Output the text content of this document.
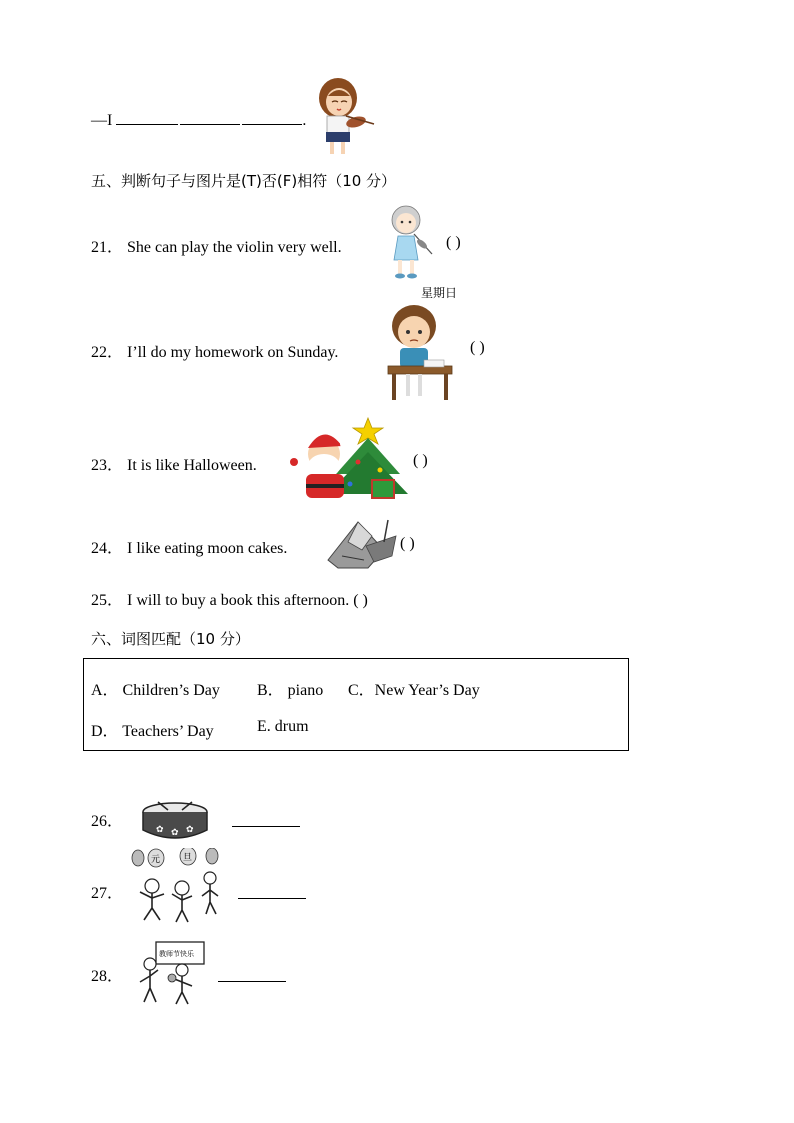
—I	.
五、判断句子与图片是(T)否(F)相符（10 分）
21． She can play the violin very well.	( )
星期日
22． I’ll do my homework on Sunday.	( )
23． It is like Halloween.	( )
24． I like eating moon cakes.	( )
25． I will to buy a book this afternoon. ( )
六、词图匹配（10 分）
A． Children’s Day B． piano C．New Year’s Day
D． Teachers’ Day	E. drum
26．	✿ ✿ ✿
27．
元	旦
28．
教师节快乐
